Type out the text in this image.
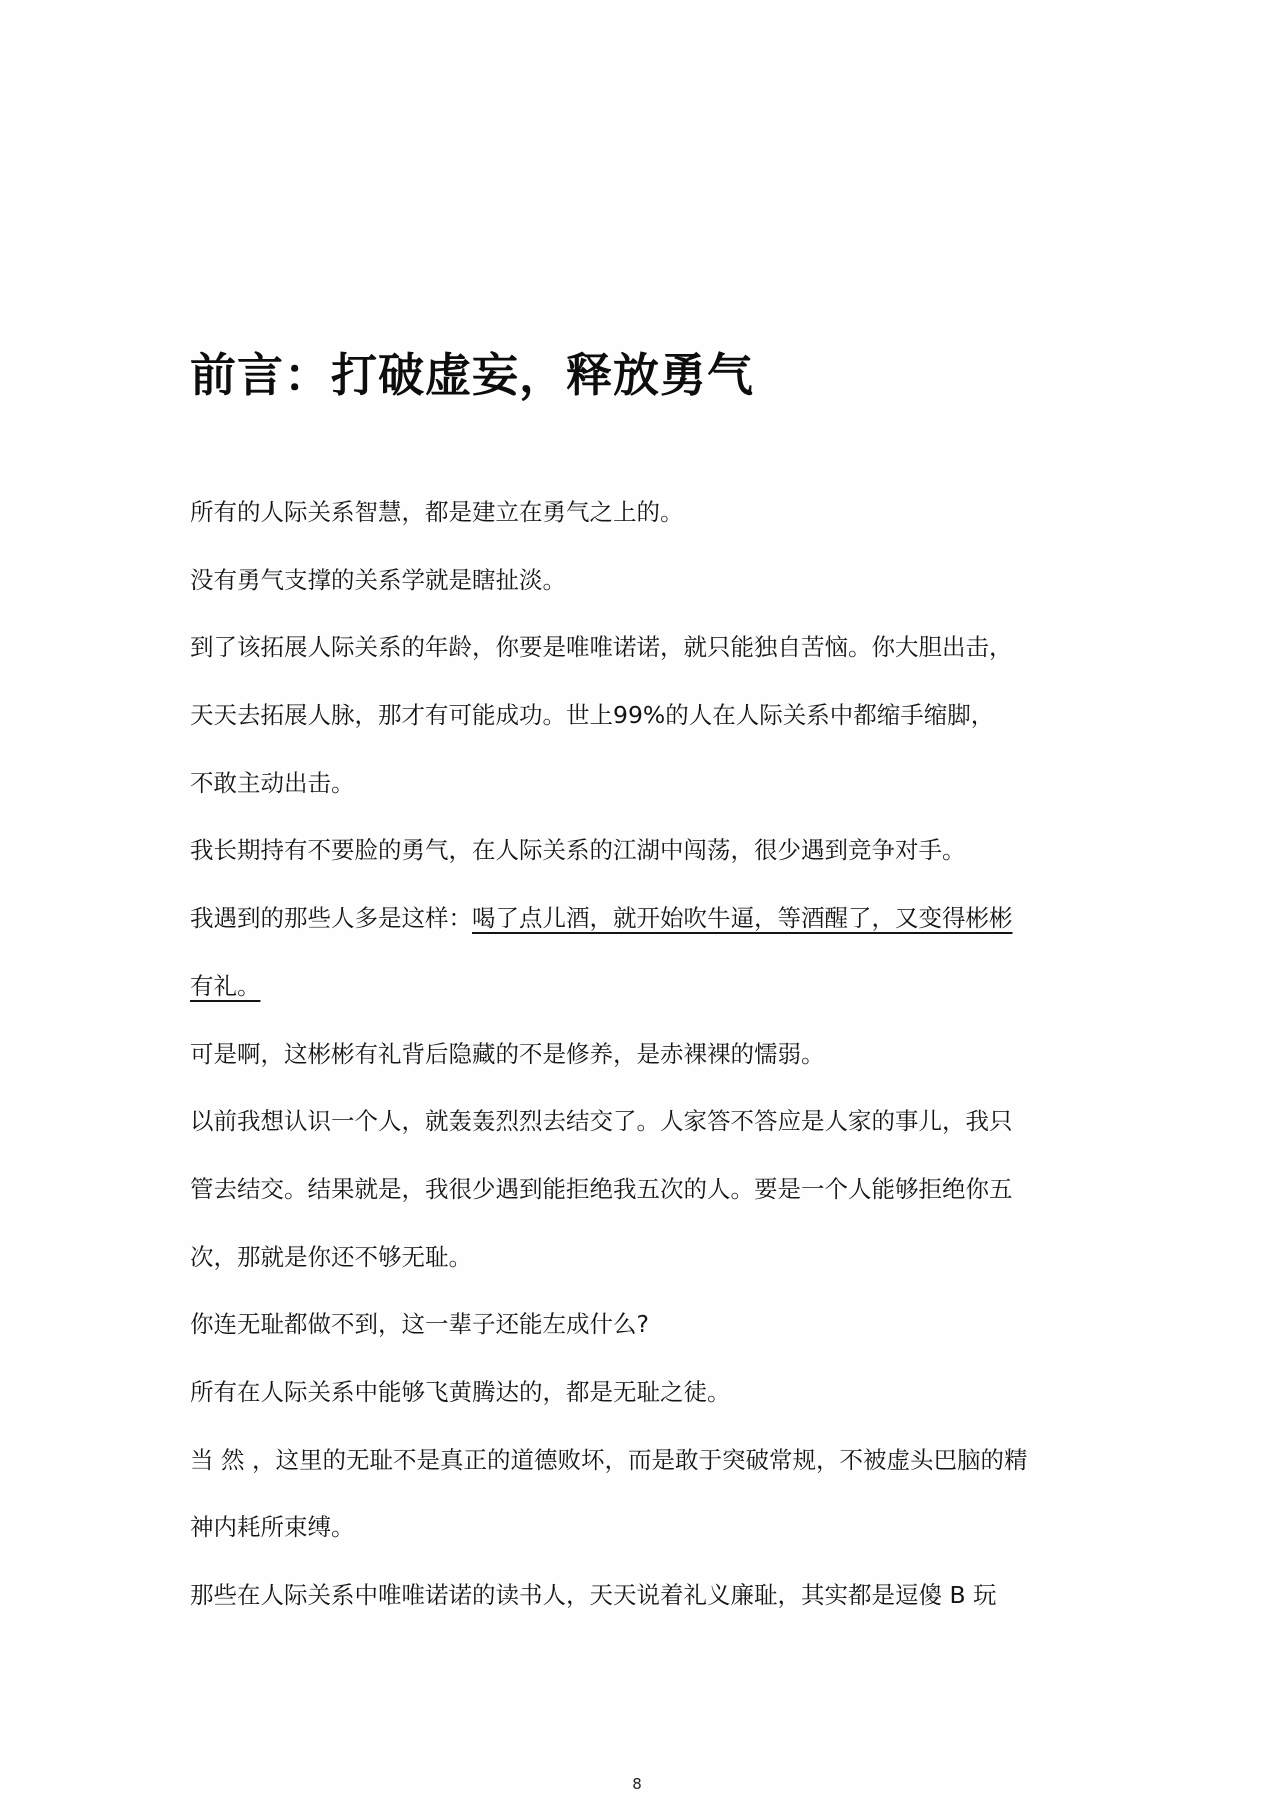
前言：打破虚妄，释放勇气
所有的人际关系智慧，都是建立在勇气之上的。
没有勇气支撑的关系学就是瞎扯淡。
到了该拓展人际关系的年龄，你要是唯唯诺诺，就只能独自苦恼。你大胆出击，
天天去拓展人脉，那才有可能成功。世上99%的人在人际关系中都缩手缩脚，
不敢主动出击。
我长期持有不要脸的勇气，在人际关系的江湖中闯荡，很少遇到竞争对手。
我遇到的那些人多是这样：喝了点儿酒，就开始吹牛逼，等酒醒了，又变得彬彬
有礼。
可是啊，这彬彬有礼背后隐藏的不是修养，是赤裸裸的懦弱。
以前我想认识一个人，就轰轰烈烈去结交了。人家答不答应是人家的事儿，我只
管去结交。结果就是，我很少遇到能拒绝我五次的人。要是一个人能够拒绝你五
次，那就是你还不够无耻。
你连无耻都做不到，这一辈子还能左成什么?
所有在人际关系中能够飞黄腾达的，都是无耻之徒。
当 然 ，这里的无耻不是真正的道德败坏，而是敢于突破常规，不被虚头巴脑的精
神内耗所束缚。
那些在人际关系中唯唯诺诺的读书人，天天说着礼义廉耻，其实都是逗傻 B 玩
8
